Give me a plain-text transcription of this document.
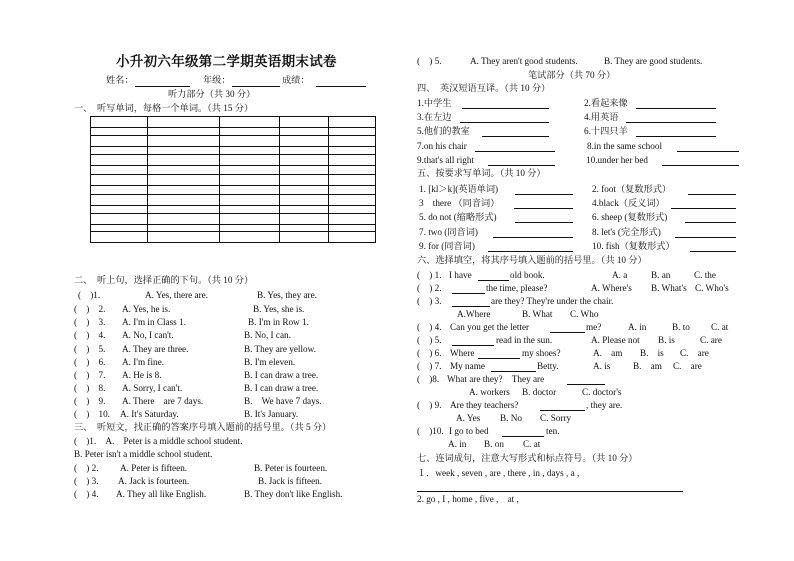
小升初六年级第二学期英语期末试卷
姓名：	年级：	成绩：
听力部分（共 30 分）
一、　听写单词，每格一个单词。（共 15 分）
二、　听上句，选择正确的下句。（共 10 分）
(　)1.	A. Yes, there are.	B. Yes, they are.
(　)　2. A. Yes, he is.	B. Yes, she is.
(　)　3. A. I'm in Class 1.	B. I'm in Row 1.
(　)　4. A. No, I can't.	B. No, I can.
(　)　5. A. They are three.	B. They are yellow.
(　)　6. A. I'm fine.	B. I'm eleven.
(　)　7. A. He is 8.	B. I can draw a tree.
(　)　8. A. Sorry, I can't.	B. I can draw a tree.
(　)　9. A. There　are 7 days.	B.　We have 7 days.
(　)　10. A. It's Saturday.	B. It's January.
三、　听短文，找正确的答案序号填入题前的括号里。（共 5 分）
(　)1.　A.　Peter is a middle school student.
B. Peter isn't a middle school student.
(　) 2. A. Peter is fifteen.	B. Peter is fourteen.
(　) 3. A. Jack is fourteen.	B. Jack is fifteen.
(　) 4. A. They all like English.	B. They don't like English.
(　) 5.	A. They aren't good students.	B. They are good students.
笔试部分（共 70 分）
四、　英汉短语互译。（共 10 分）
1.中学生	2.看起来像
3.在左边	4.用英语
5.他们的教室	6.十四只羊
7.on his chair	8.in the same school
9.that's all right	10.under her bed
五、按要求写单词。（共 10 分）
1. [kl＞k](英语单词)	2. foot（复数形式）
3　there （同音词）	4.black（反义词）
5. do not (缩略形式)	6. sheep (复数形式)
7. two (同音词)	8. let's (完全形式)
9. for (同音词)	10. fish（复数形式）
六、选择填空，将其序号填入题前的括号里。（共 10 分）
(　) 1. I have	old book.	A. a	B. an	C. the
(　) 2.	the time, please?	A. Where's B. What's C. Who's
(　) 3.	are they? They're under the chair.
A.Where	B. What C. Who
(　) 4. Can you get the letter	me?	A. in	B. to C. at
(　) 5.	read in the sun.	A. Please not B. is	C. are
(　) 6. Where	my shoes?	A.　am B.　is C.　are
(　) 7. My name	Betty.	A. is B.　am C.　are
(　)8. What are they?　They are
A. workers B. doctor	C. doctor's
(　) 9. Are they teachers?	, they are.
A. Yes B. No C. Sorry
(　)10. I go to bed	ten.
A. in B. on C. at
七、连词成句，注意大写形式和标点符号。（共 10 分）
１．week , seven , are , there , in , days , a ,
2. go , I , home , five ,　at ,
